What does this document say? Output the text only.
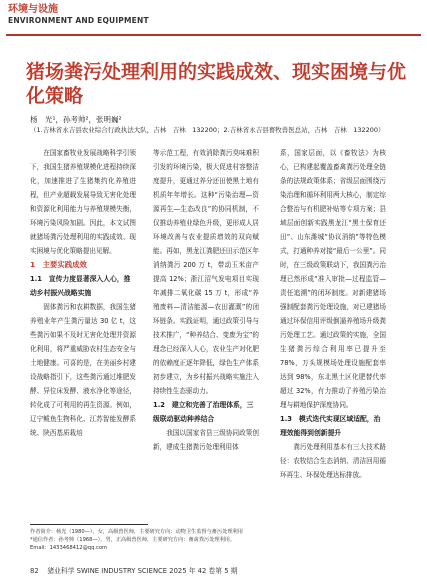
环境与设施
ENVIRONMENT AND EQUIPMENT
猪场粪污处理利用的实践成效、现实困境与优化策略
杨　光¹，孙考帅²，张明巍²
（1.吉林省永吉县农业综合行政执法大队，吉林　吉林　132200；2.吉林省永吉县畜牧兽医总站，吉林　吉林　132200）

在国家畜牧业发展战略科学引领下，我国生猪养殖规模化进程持续深化，加速推进了生猪集约化养殖进程，但产业超载发展导致无害化处理和资源化利用能力与养殖规模失衡，环境污染风险加剧。因此，本文试图就猪场粪污处理利用的实践成效、现实困境与优化策略提出见解。

1　主要实践成效
1.1　宣传力度显著深入人心，推动乡村振兴战略实施

固体粪污和农耕数据，我国生猪养殖业年产生粪污量达 30 亿 t，这些粪污如果不及时无害化处理并资源化利用，将严重威胁农村生态安全与土地健康。可喜的是，在美丽乡村建设战略指引下，这些粪污通过堆肥发酵、异位床发酵、液水净化等途径，转化成了可利用的再生资源。例如，辽宁鲅鱼生物科化、江苏智能发酵系统、陕西基质栽培

等示范工程，有效消除粪污臭味难积引发的环境污染，极大促进村容整洁度提升，更通过养分还田使黑土地有机质年年增长。这种“污染治理—资源再生—生态改良”的协同机制，不仅推动养殖业绿色升级，更形成人居环境改善与农业提质增效的双向赋能。再如，黑龙江粪肥还田示范区年消纳粪污 200 万 t，带动玉米亩产提高 12%；浙江沼气发电项目实现年减排二氧化碳 15 万 t，形成“养殖废料—清洁能源—农田灌溉”的闭环链条。实践证明，通过政策引导与技术推广，“种养结合、变废为宝”的理念已经深入人心，农业生产对化肥的依赖度正逐年降低，绿色生产体系初步建立，为乡村振兴战略实施注入持续性生态驱动力。

1.2　建立和完善了治理体系，三级联动驱动种养结合

我国以国家省县三级协同政策创新，建成生猪粪污处理利用体

系，国家层面，以《畜牧法》为核心，已构建起覆盖畜禽粪污处理全链条的法规政策体系；省级层面围绕污染治理和循环利用两大核心，制定综合整治与有机肥补贴等专项方案；县域层面创新实践黑龙江“黑土保育还田”、山东潍城“协议消纳”等特色模式，打通种养对接“最后一公里”。同时，在三级政策联动下，我国粪污治理已然形成“准入审批—过程监管—责任追溯”的闭环制度。对新建猪场强制配套粪污处理设施，对已建猪场通过环保信用评级倒逼养殖场升级粪污处理工艺。通过政策的实施，全国生猪粪污综合利用率已提升至 78%，万头规模场处理设施配套率达到 98%，东北黑土区化肥替代率超过 32%，有力推动了养殖污染治理与耕地保护深度协同。

1.3　模式迭代实现区域适配，治理效能得到创新提升

粪污处理利用基本有三大技术路径：农牧结合生态消纳、清洁回用循环再生、环保处理达标排放。

作者简介：杨光（1980—），女，高级兽医师，主要研究方向：动物卫生监督与畜污处理利用
*通信作者：孙考帅（1968—），男，正高级兽医师，主要研究方向：畜禽粪污处理利用。
Email：1433468412@qq.com
82 猪业科学 SWINE INDUSTRY SCIENCE 2025 年 42 卷第 5 期
